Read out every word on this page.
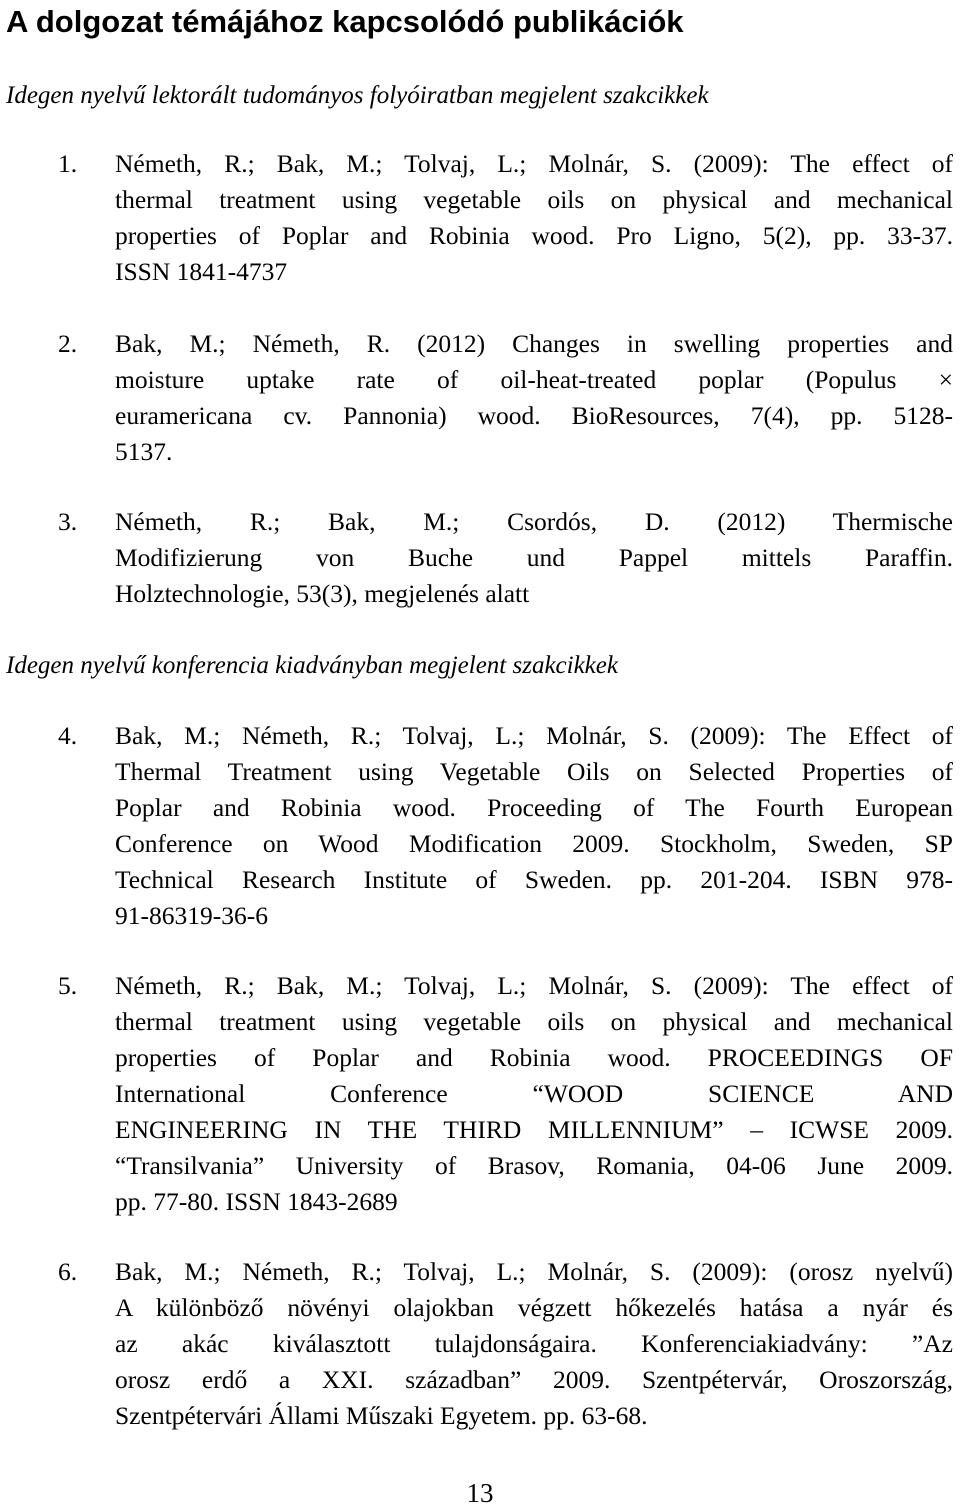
A dolgozat témájához kapcsolódó publikációk

Idegen nyelvű lektorált tudományos folyóiratban megjelent szakcikkek

1.	Németh, R.; Bak, M.; Tolvaj, L.; Molnár, S. (2009): The effect of
thermal treatment using vegetable oils on physical and mechanical
properties of Poplar and Robinia wood. Pro Ligno, 5(2), pp. 33-37.
ISSN 1841-4737
2.	Bak, M.; Németh, R. (2012) Changes in swelling properties and
moisture uptake rate of oil-heat-treated poplar (Populus ×
euramericana cv. Pannonia) wood. BioResources, 7(4), pp. 5128-
5137.
3.	Németh, R.; Bak, M.; Csordós, D. (2012) Thermische
Modifizierung von Buche und Pappel mittels Paraffin.
Holztechnologie, 53(3), megjelenés alatt

Idegen nyelvű konferencia kiadványban megjelent szakcikkek

4.	Bak, M.; Németh, R.; Tolvaj, L.; Molnár, S. (2009): The Effect of
Thermal Treatment using Vegetable Oils on Selected Properties of
Poplar and Robinia wood. Proceeding of The Fourth European
Conference on Wood Modification 2009. Stockholm, Sweden, SP
Technical Research Institute of Sweden. pp. 201-204. ISBN 978-
91-86319-36-6
5.	Németh, R.; Bak, M.; Tolvaj, L.; Molnár, S. (2009): The effect of
thermal treatment using vegetable oils on physical and mechanical
properties of Poplar and Robinia wood. PROCEEDINGS OF
International Conference “WOOD SCIENCE AND
ENGINEERING IN THE THIRD MILLENNIUM” – ICWSE 2009.
“Transilvania” University of Brasov, Romania, 04-06 June 2009.
pp. 77-80. ISSN 1843-2689
6.	Bak, M.; Németh, R.; Tolvaj, L.; Molnár, S. (2009): (orosz nyelvű)
A különböző növényi olajokban végzett hőkezelés hatása a nyár és
az akác kiválasztott tulajdonságaira. Konferenciakiadvány: ”Az
orosz erdő a XXI. században” 2009. Szentpétervár, Oroszország,
Szentpétervári Állami Műszaki Egyetem. pp. 63-68.
13
